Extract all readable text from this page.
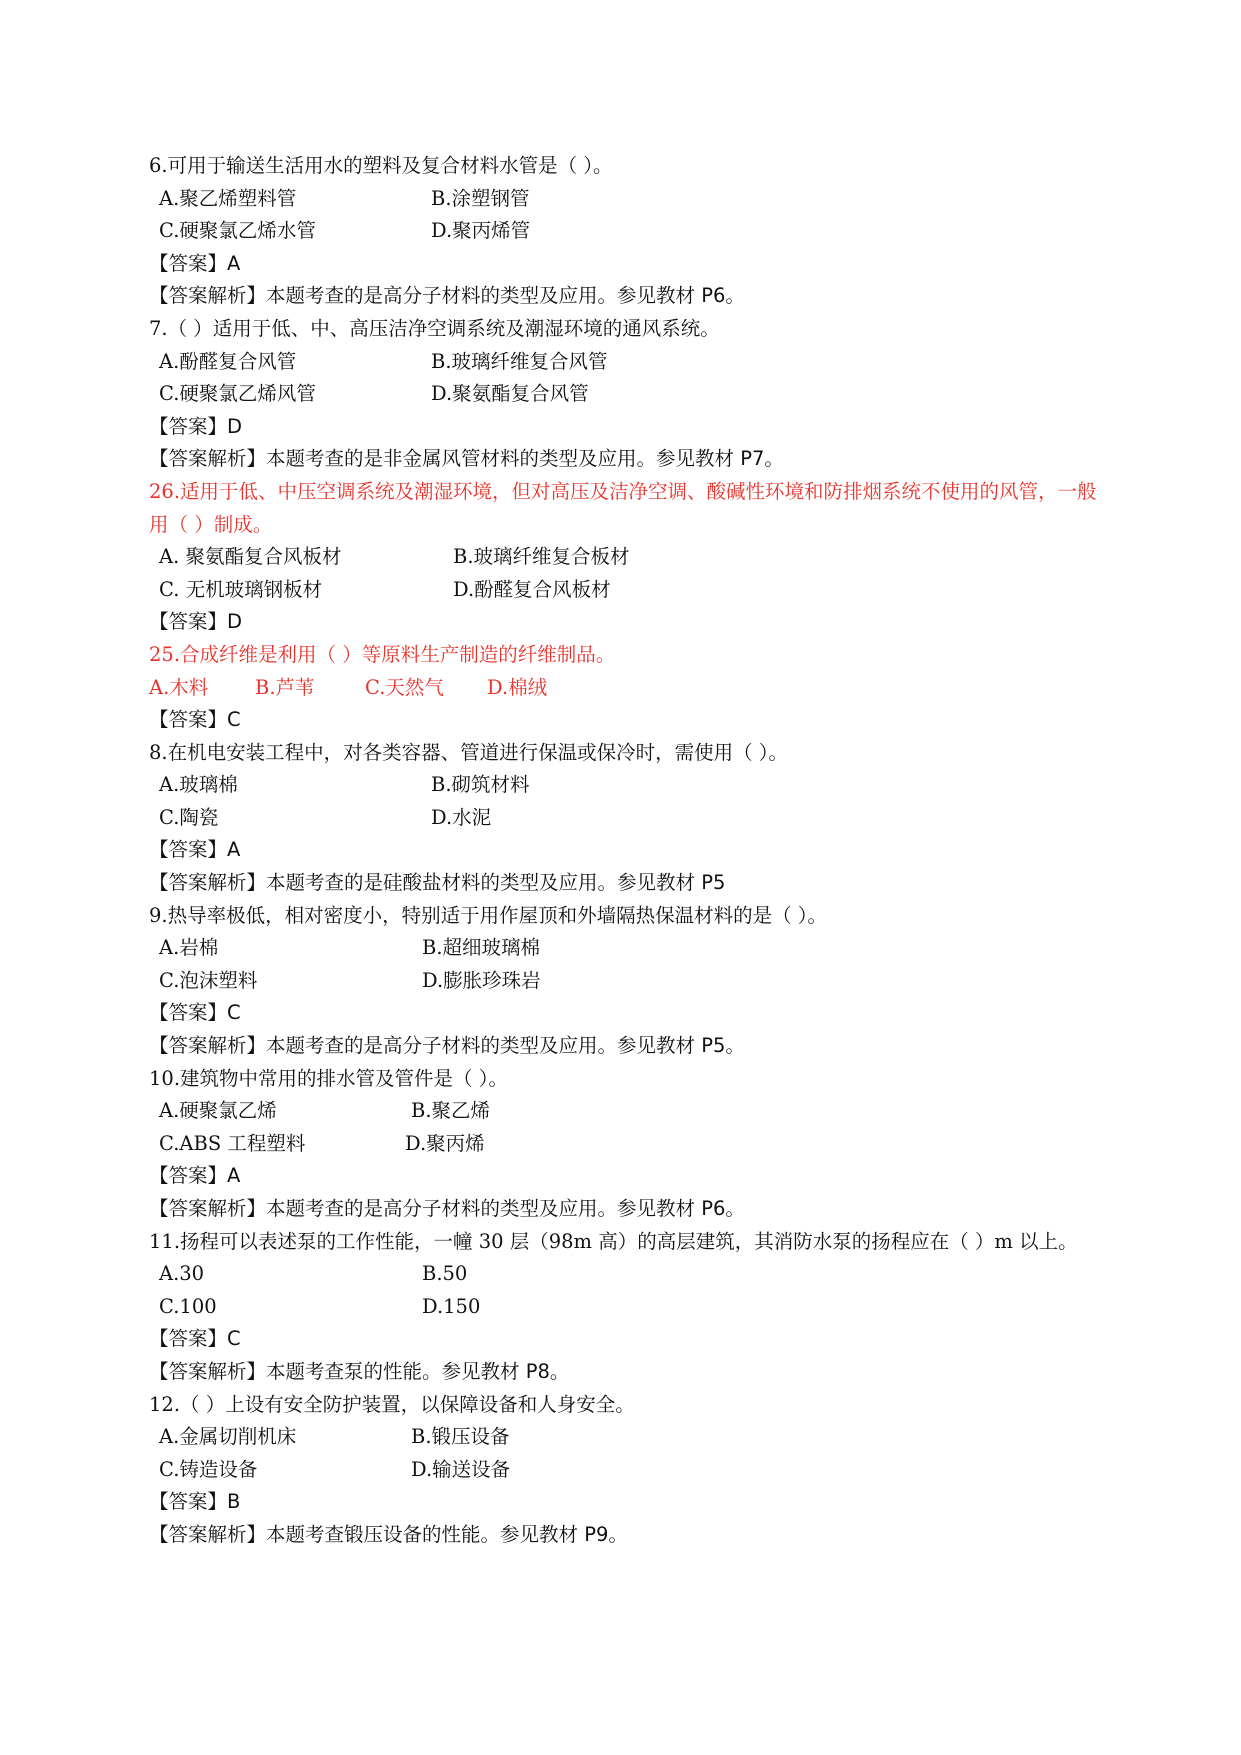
6.可用于输送生活用水的塑料及复合材料水管是（ ）。
A.聚乙烯塑料管	B.涂塑钢管
C.硬聚氯乙烯水管	D.聚丙烯管
【答案】A
【答案解析】本题考查的是高分子材料的类型及应用。参见教材 P6。
7.（ ）适用于低、中、高压洁净空调系统及潮湿环境的通风系统。
A.酚醛复合风管	B.玻璃纤维复合风管
C.硬聚氯乙烯风管	D.聚氨酯复合风管
【答案】D
【答案解析】本题考查的是非金属风管材料的类型及应用。参见教材 P7。
26.适用于低、中压空调系统及潮湿环境，但对高压及洁净空调、酸碱性环境和防排烟系统不使用的风管，一般用（ ）制成。
A. 聚氨酯复合风板材	B.玻璃纤维复合板材
C. 无机玻璃钢板材	D.酚醛复合风板材
【答案】D
25.合成纤维是利用（ ）等原料生产制造的纤维制品。
A.木料 B.芦苇	C.天然气 D.棉绒
【答案】C
8.在机电安装工程中，对各类容器、管道进行保温或保冷时，需使用（ ）。
A.玻璃棉	B.砌筑材料
C.陶瓷	D.水泥
【答案】A
【答案解析】本题考查的是硅酸盐材料的类型及应用。参见教材 P5
9.热导率极低，相对密度小，特别适于用作屋顶和外墙隔热保温材料的是（ ）。
A.岩棉	B.超细玻璃棉
C.泡沫塑料	D.膨胀珍珠岩
【答案】C
【答案解析】本题考查的是高分子材料的类型及应用。参见教材 P5。
10.建筑物中常用的排水管及管件是（ ）。
A.硬聚氯乙烯	B.聚乙烯
C.ABS 工程塑料	D.聚丙烯
【答案】A
【答案解析】本题考查的是高分子材料的类型及应用。参见教材 P6。
11.扬程可以表述泵的工作性能，一幢 30 层（98m 高）的高层建筑，其消防水泵的扬程应在（ ）m 以上。
A.30	B.50
C.100	D.150
【答案】C
【答案解析】本题考查泵的性能。参见教材 P8。
12.（ ）上设有安全防护装置，以保障设备和人身安全。
A.金属切削机床	B.锻压设备
C.铸造设备	D.输送设备
【答案】B
【答案解析】本题考查锻压设备的性能。参见教材 P9。
